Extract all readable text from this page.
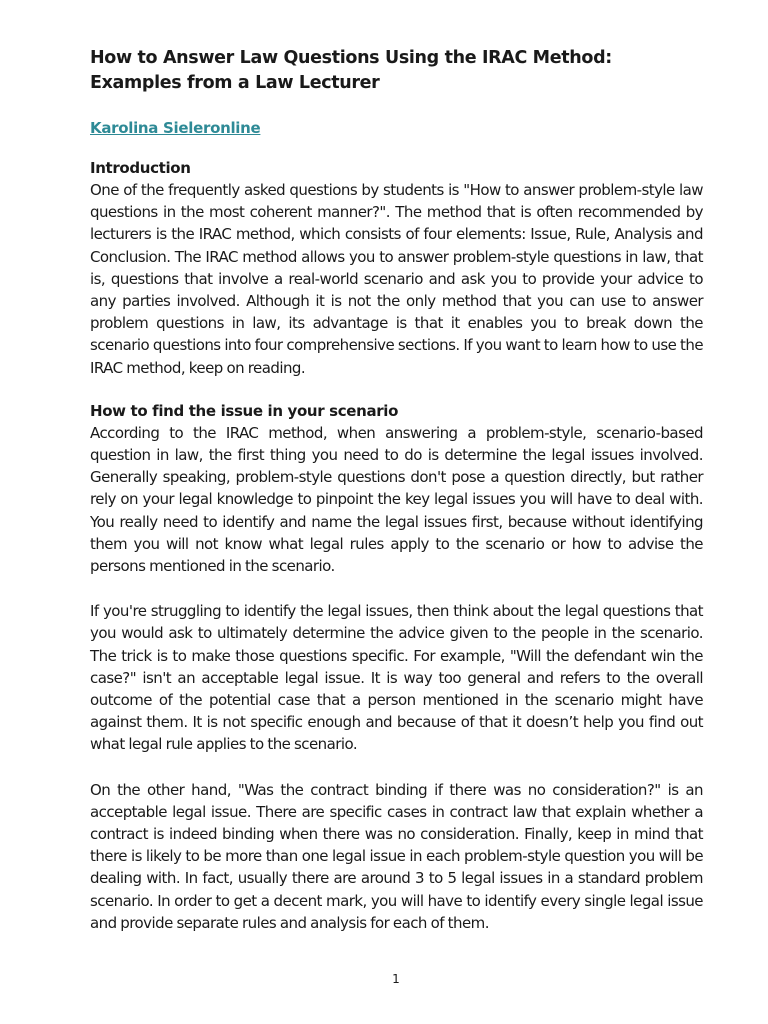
How to Answer Law Questions Using the IRAC Method: Examples from a Law Lecturer
Karolina Sieleronline
Introduction

One of the frequently asked questions by students is "How to answer problem-style law questions in the most coherent manner?". The method that is often recommended by lecturers is the IRAC method, which consists of four elements: Issue, Rule, Analysis and Conclusion. The IRAC method allows you to answer problem-style questions in law, that is, questions that involve a real-world scenario and ask you to provide your advice to any parties involved. Although it is not the only method that you can use to answer problem questions in law, its advantage is that it enables you to break down the scenario questions into four comprehensive sections. If you want to learn how to use the IRAC method, keep on reading.

How to find the issue in your scenario

According to the IRAC method, when answering a problem-style, scenario-based question in law, the first thing you need to do is determine the legal issues involved. Generally speaking, problem-style questions don't pose a question directly, but rather rely on your legal knowledge to pinpoint the key legal issues you will have to deal with. You really need to identify and name the legal issues first, because without identifying them you will not know what legal rules apply to the scenario or how to advise the persons mentioned in the scenario.

If you're struggling to identify the legal issues, then think about the legal questions that you would ask to ultimately determine the advice given to the people in the scenario. The trick is to make those questions specific. For example, "Will the defendant win the case?" isn't an acceptable legal issue. It is way too general and refers to the overall outcome of the potential case that a person mentioned in the scenario might have against them. It is not specific enough and because of that it doesn’t help you find out what legal rule applies to the scenario.

On the other hand, "Was the contract binding if there was no consideration?" is an acceptable legal issue. There are specific cases in contract law that explain whether a contract is indeed binding when there was no consideration. Finally, keep in mind that there is likely to be more than one legal issue in each problem-style question you will be dealing with. In fact, usually there are around 3 to 5 legal issues in a standard problem scenario. In order to get a decent mark, you will have to identify every single legal issue and provide separate rules and analysis for each of them.

1
